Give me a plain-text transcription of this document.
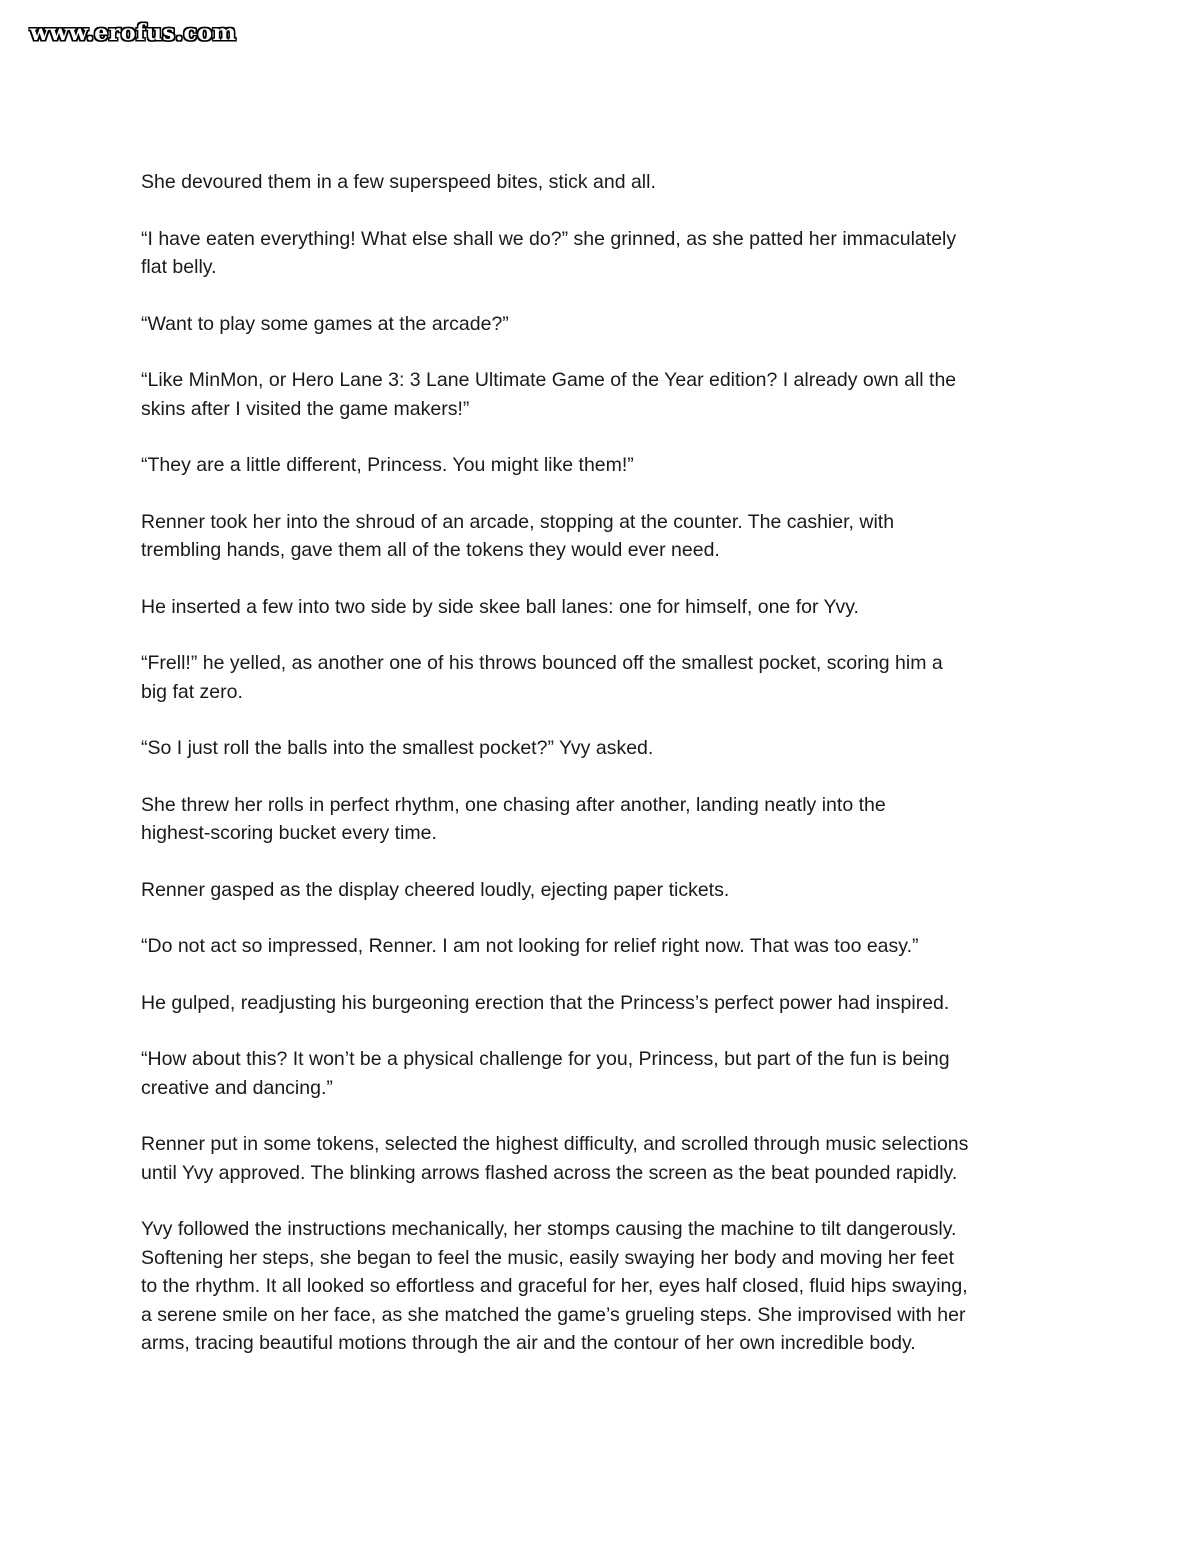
www.erofus.com

She devoured them in a few superspeed bites, stick and all.

“I have eaten everything! What else shall we do?” she grinned, as she patted her immaculately
flat belly.

“Want to play some games at the arcade?”

“Like MinMon, or Hero Lane 3: 3 Lane Ultimate Game of the Year edition? I already own all the
skins after I visited the game makers!”

“They are a little different, Princess. You might like them!”

Renner took her into the shroud of an arcade, stopping at the counter. The cashier, with
trembling hands, gave them all of the tokens they would ever need.

He inserted a few into two side by side skee ball lanes: one for himself, one for Yvy.

“Frell!” he yelled, as another one of his throws bounced off the smallest pocket, scoring him a
big fat zero.

“So I just roll the balls into the smallest pocket?” Yvy asked.

She threw her rolls in perfect rhythm, one chasing after another, landing neatly into the
highest-scoring bucket every time.

Renner gasped as the display cheered loudly, ejecting paper tickets.

“Do not act so impressed, Renner. I am not looking for relief right now. That was too easy.”

He gulped, readjusting his burgeoning erection that the Princess’s perfect power had inspired.

“How about this? It won’t be a physical challenge for you, Princess, but part of the fun is being
creative and dancing.”

Renner put in some tokens, selected the highest difficulty, and scrolled through music selections
until Yvy approved. The blinking arrows flashed across the screen as the beat pounded rapidly.

Yvy followed the instructions mechanically, her stomps causing the machine to tilt dangerously.
Softening her steps, she began to feel the music, easily swaying her body and moving her feet
to the rhythm. It all looked so effortless and graceful for her, eyes half closed, fluid hips swaying,
a serene smile on her face, as she matched the game’s grueling steps. She improvised with her
arms, tracing beautiful motions through the air and the contour of her own incredible body.
